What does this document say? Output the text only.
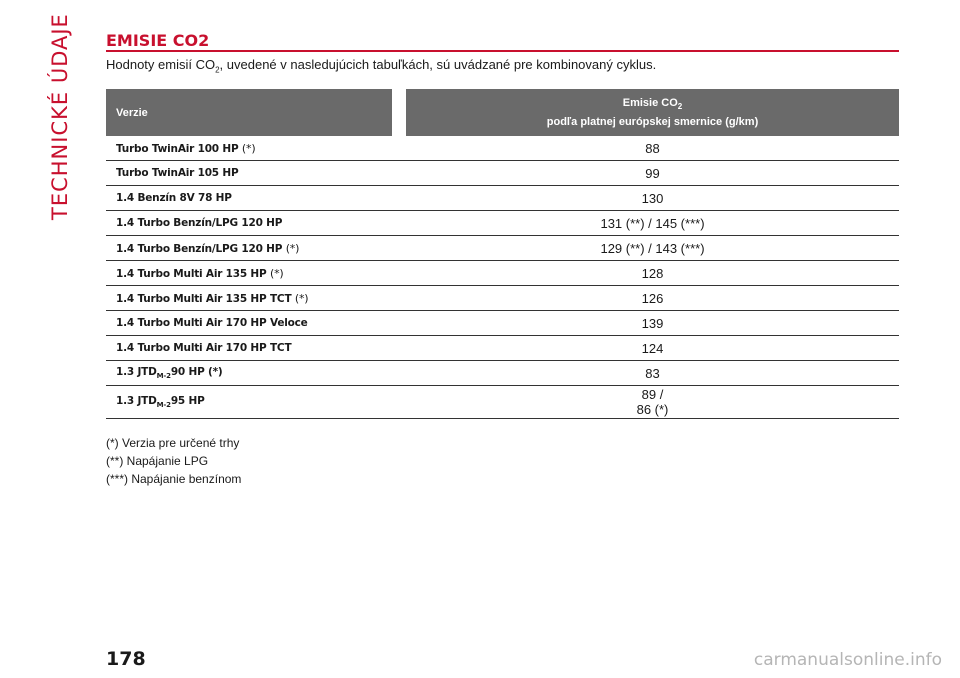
TECHNICKÉ ÚDAJE	EMISIE CO2
Hodnoty emisií $CO_2$, uvedené v nasledujúcich tabuľkách, sú uvádzané pre kombinovaný cyklus.
Verzie		Emisie $CO_2$
podľa platnej európskej smernice (g/km)
Turbo TwinAir 100 HP (*)		88
Turbo TwinAir 105 HP		99
1.4 Benzín 8V 78 HP		130
1.4 Turbo Benzín/LPG 120 HP		131 (**) / 145 (***)
1.4 Turbo Benzín/LPG 120 HP (*)		129 (**) / 143 (***)
1.4 Turbo Multi Air 135 HP (*)		128
1.4 Turbo Multi Air 135 HP TCT (*)		126
1.4 Turbo Multi Air 170 HP Veloce		139
1.4 Turbo Multi Air 170 HP TCT		124
1.3 $JTD_{M-2}90$ HP (*)		83
1.3 $JTD_{M-2}95$ HP		89 /
86 (*)
(*) Verzia pre určené trhy
(**) Napájanie LPG
(***) Napájanie benzínom
178	carmanualsonline.info
